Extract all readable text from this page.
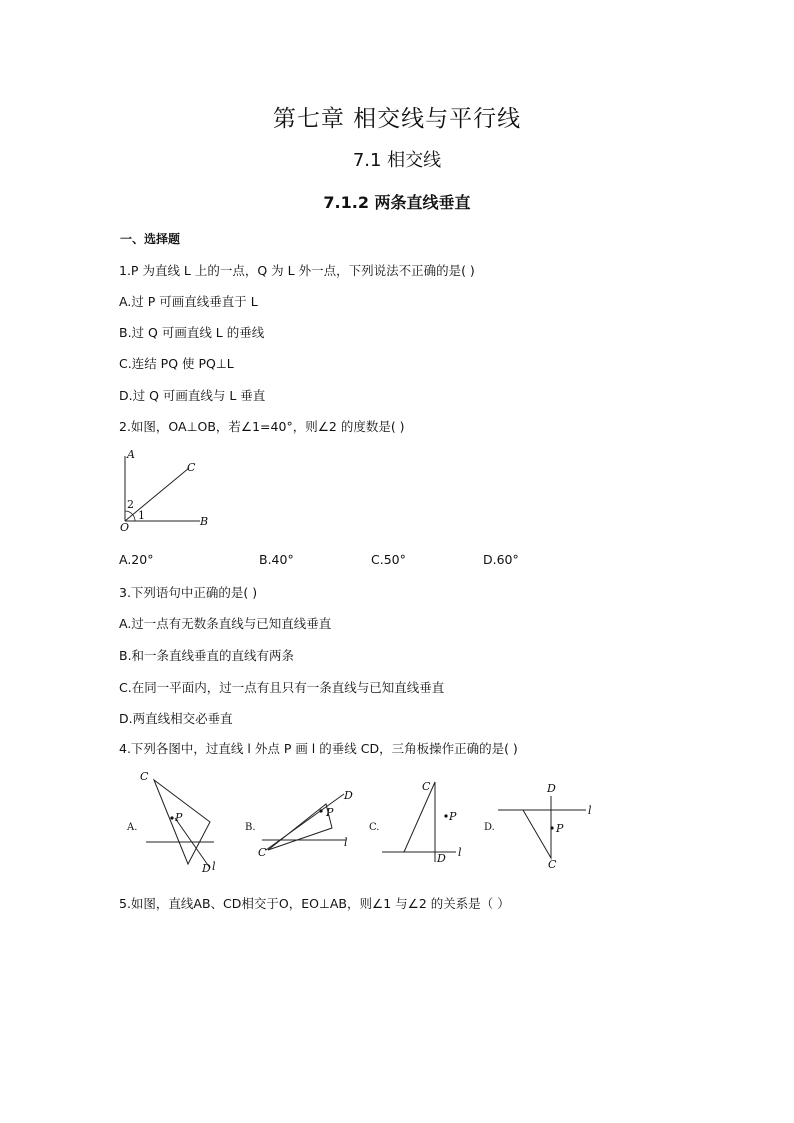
第七章 相交线与平行线
7.1 相交线
7.1.2 两条直线垂直
一、选择题
1.P 为直线 L 上的一点，Q 为 L 外一点，下列说法不正确的是( )
A.过 P 可画直线垂直于 L
B.过 Q 可画直线 L 的垂线
C.连结 PQ 使 PQ⊥L
D.过 Q 可画直线与 L 垂直
2.如图，OA⊥OB，若∠1=40°，则∠2 的度数是( )
A
C
B
O
2
1
A.20°	B.40°	C.50°	D.60°
3.下列语句中正确的是( )
A.过一点有无数条直线与已知直线垂直
B.和一条直线垂直的直线有两条
C.在同一平面内，过一点有且只有一条直线与已知直线垂直
D.两直线相交必垂直
4.下列各图中，过直线 l 外点 P 画 l 的垂线 CD，三角板操作正确的是( )
A.
C
P
l
D
B.
C
P
D
l
C.
C
P
D l
D.
D
P
C
l
5.如图，直线AB、CD相交于O，EO⊥AB，则∠1 与∠2 的关系是（ ）
